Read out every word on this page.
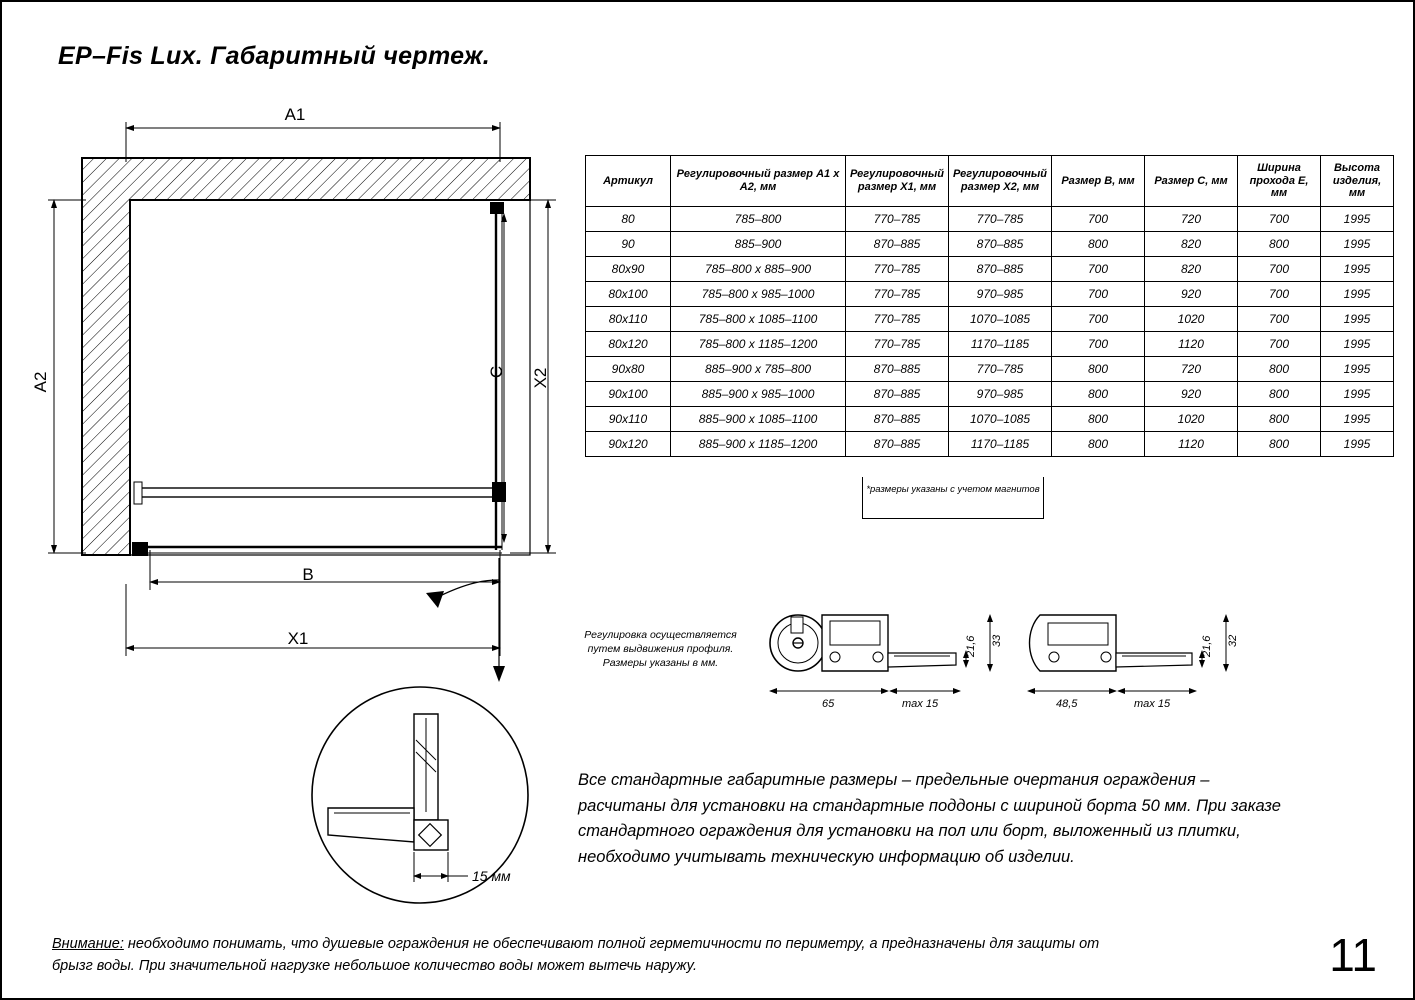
EP–Fis Lux. Габаритный чертеж.
A1
A2
B
X1
C X2
15 мм
Артикул	Регулировочный размер A1 x A2, мм	Регулировочный размер X1, мм	Регулировочный размер X2, мм	Размер B, мм	Размер C, мм	Ширина прохода E, мм	Высота изделия, мм
80	785–800	770–785	770–785	700	720	700	1995
90	885–900	870–885	870–885	800	820	800	1995
80х90	785–800 х 885–900	770–785	870–885	700	820	700	1995
80х100	785–800 х 985–1000	770–785	970–985	700	920	700	1995
80х110	785–800 х 1085–1100	770–785	1070–1085	700	1020	700	1995
80х120	785–800 х 1185–1200	770–785	1170–1185	700	1120	700	1995
90х80	885–900 х 785–800	870–885	770–785	800	720	800	1995
90х100	885–900 х 985–1000	870–885	970–985	800	920	800	1995
90х110	885–900 х 1085–1100	870–885	1070–1085	800	1020	800	1995
90х120	885–900 х 1185–1200	870–885	1170–1185	800	1120	800	1995
*размеры указаны с учетом магнитов
Регулировка осуществляется путем выдвижения профиля. Размеры указаны в мм.
21,6 33
65	max 15
21,6 32
48,5	max 15
Все стандартные габаритные размеры – предельные очертания ограждения – расчитаны для установки на стандартные поддоны с шириной борта 50 мм. При заказе стандартного ограждения для установки на пол или борт, выложенный из плитки, необходимо учитывать техническую информацию об изделии.
Внимание: необходимо понимать, что душевые ограждения не обеспечивают полной герметичности по периметру, а предназначены для защиты от брызг воды. При значительной нагрузке небольшое количество воды может вытечь наружу.	11
